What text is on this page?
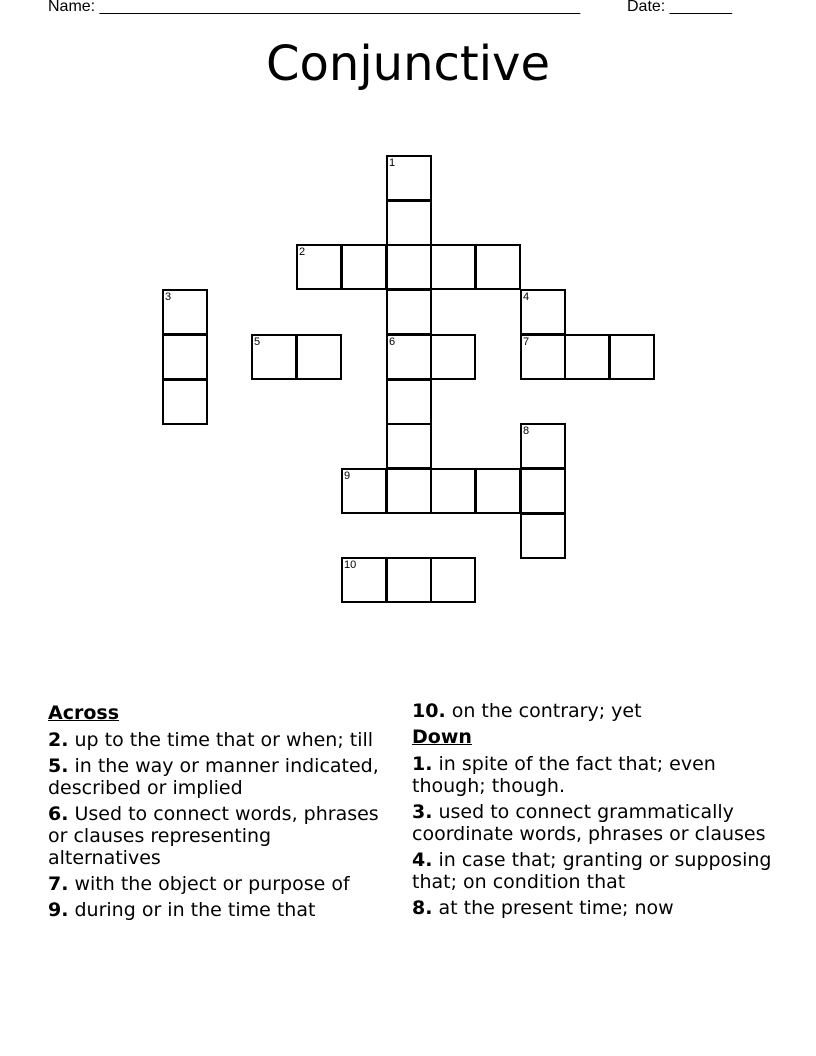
Name: ______________________________________________________	Date: _______
Conjunctive
1
2
3	4
5	6	7
8
9
10
Across
2. up to the time that or when; till
5. in the way or manner indicated, described or implied
6. Used to connect words, phrases or clauses representing alternatives
7. with the object or purpose of
9. during or in the time that
10. on the contrary; yet
Down
1. in spite of the fact that; even though; though.
3. used to connect grammatically coordinate words, phrases or clauses
4. in case that; granting or supposing that; on condition that
8. at the present time; now
